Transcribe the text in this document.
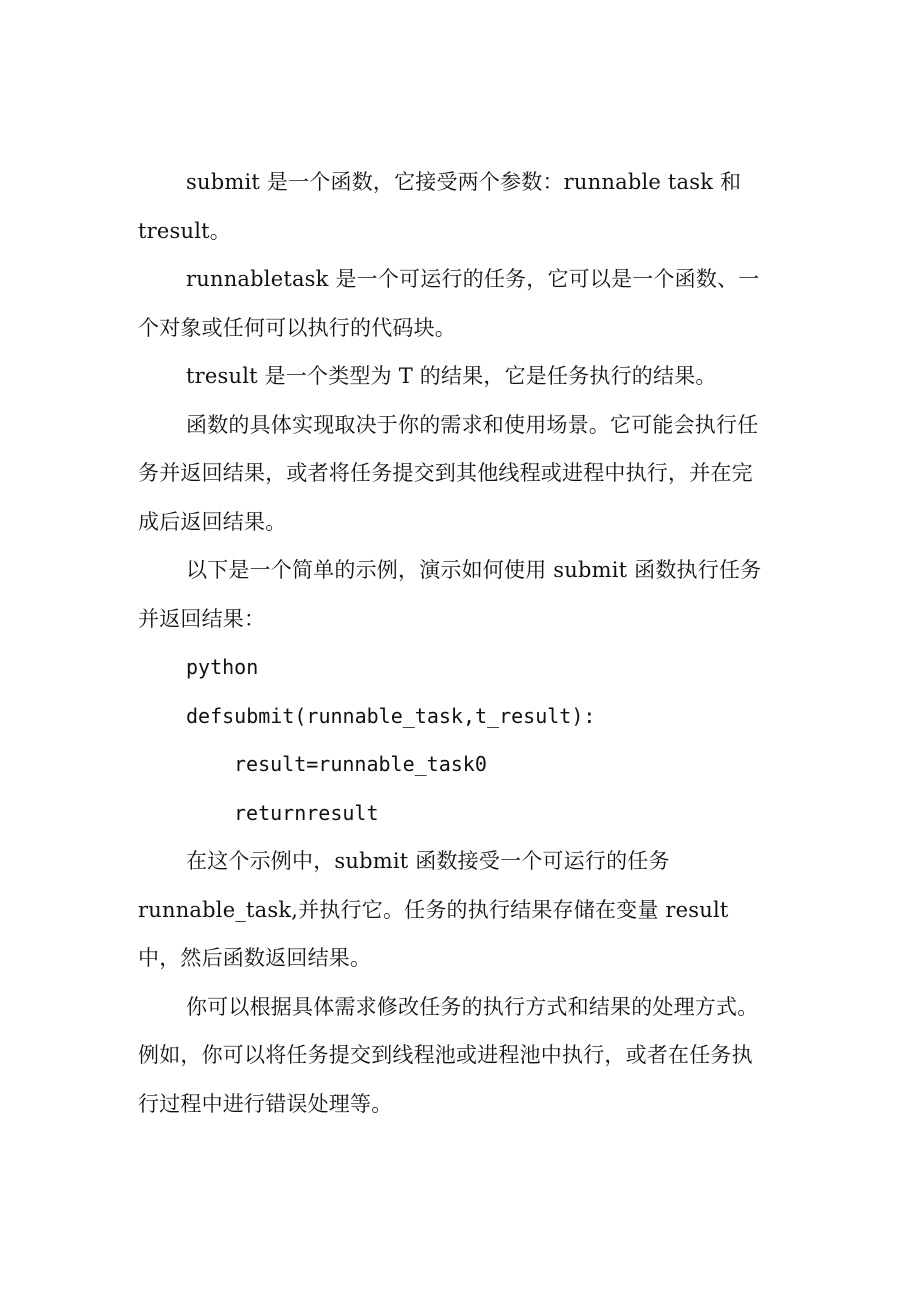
submit 是一个函数，它接受两个参数：runnable task 和 tresult。

runnabletask 是一个可运行的任务，它可以是一个函数、一个对象或任何可以执行的代码块。

tresult 是一个类型为 T 的结果，它是任务执行的结果。

函数的具体实现取决于你的需求和使用场景。它可能会执行任务并返回结果，或者将任务提交到其他线程或进程中执行，并在完成后返回结果。

以下是一个简单的示例，演示如何使用 submit 函数执行任务并返回结果：

python

defsubmit(runnable_task,t_result):

result=runnable_task0

returnresult

在这个示例中，submit 函数接受一个可运行的任务 runnable_task,并执行它。任务的执行结果存储在变量 result 中，然后函数返回结果。

你可以根据具体需求修改任务的执行方式和结果的处理方式。例如，你可以将任务提交到线程池或进程池中执行，或者在任务执行过程中进行错误处理等。
